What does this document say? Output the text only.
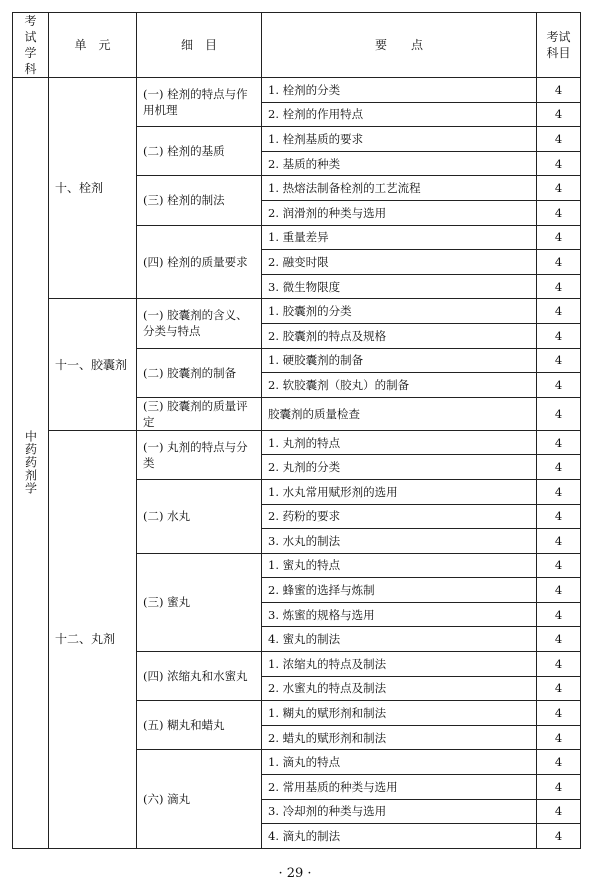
考试学科	单　元	细　目	要　　点	考试科目
中药药剂学	十、栓剂	(一) 栓剂的特点与作用机理	1. 栓剂的分类	4
			2. 栓剂的作用特点	4
		(二) 栓剂的基质	1. 栓剂基质的要求	4
			2. 基质的种类	4
		(三) 栓剂的制法	1. 热熔法制备栓剂的工艺流程	4
			2. 润滑剂的种类与选用	4
		(四) 栓剂的质量要求	1. 重量差异	4
			2. 融变时限	4
			3. 微生物限度	4
	十一、胶囊剂	(一) 胶囊剂的含义、分类与特点	1. 胶囊剂的分类	4
			2. 胶囊剂的特点及规格	4
		(二) 胶囊剂的制备	1. 硬胶囊剂的制备	4
			2. 软胶囊剂（胶丸）的制备	4
		(三) 胶囊剂的质量评定	胶囊剂的质量检查	4
	十二、丸剂	(一) 丸剂的特点与分类	1. 丸剂的特点	4
			2. 丸剂的分类	4
		(二) 水丸	1. 水丸常用赋形剂的选用	4
			2. 药粉的要求	4
			3. 水丸的制法	4
		(三) 蜜丸	1. 蜜丸的特点	4
			2. 蜂蜜的选择与炼制	4
			3. 炼蜜的规格与选用	4
			4. 蜜丸的制法	4
		(四) 浓缩丸和水蜜丸	1. 浓缩丸的特点及制法	4
			2. 水蜜丸的特点及制法	4
		(五) 糊丸和蜡丸	1. 糊丸的赋形剂和制法	4
			2. 蜡丸的赋形剂和制法	4
		(六) 滴丸	1. 滴丸的特点	4
			2. 常用基质的种类与选用	4
			3. 冷却剂的种类与选用	4
			4. 滴丸的制法	4
· 29 ·
